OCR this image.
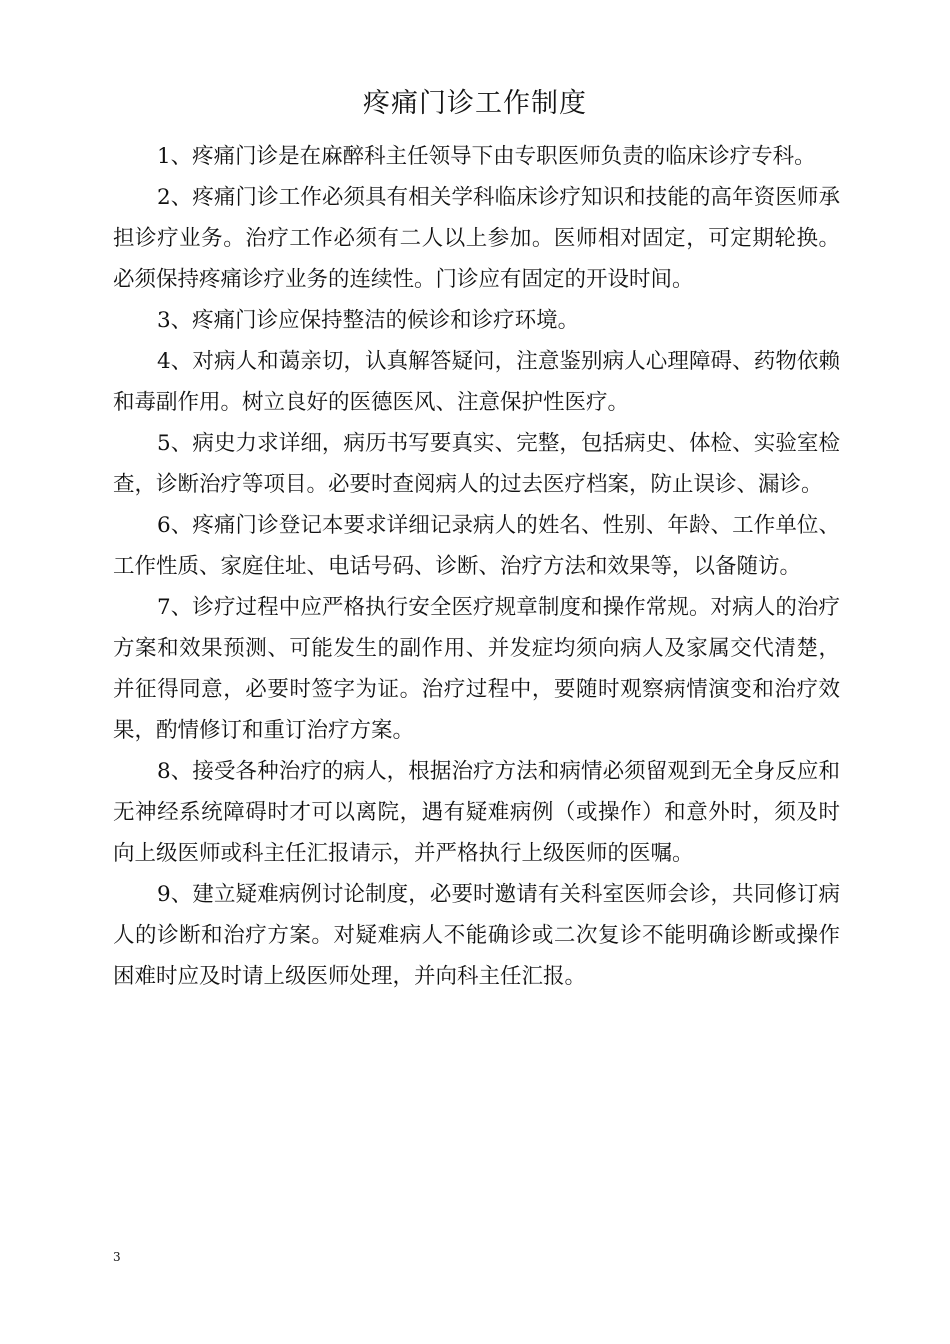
疼痛门诊工作制度

1、疼痛门诊是在麻醉科主任领导下由专职医师负责的临床诊疗专科。

2、疼痛门诊工作必须具有相关学科临床诊疗知识和技能的高年资医师承担诊疗业务。治疗工作必须有二人以上参加。医师相对固定，可定期轮换。必须保持疼痛诊疗业务的连续性。门诊应有固定的开设时间。

3、疼痛门诊应保持整洁的候诊和诊疗环境。

4、对病人和蔼亲切，认真解答疑问，注意鉴别病人心理障碍、药物依赖和毒副作用。树立良好的医德医风、注意保护性医疗。

5、病史力求详细，病历书写要真实、完整，包括病史、体检、实验室检查，诊断治疗等项目。必要时查阅病人的过去医疗档案，防止误诊、漏诊。

6、疼痛门诊登记本要求详细记录病人的姓名、性别、年龄、工作单位、工作性质、家庭住址、电话号码、诊断、治疗方法和效果等，以备随访。

7、诊疗过程中应严格执行安全医疗规章制度和操作常规。对病人的治疗方案和效果预测、可能发生的副作用、并发症均须向病人及家属交代清楚，并征得同意，必要时签字为证。治疗过程中，要随时观察病情演变和治疗效果，酌情修订和重订治疗方案。

8、接受各种治疗的病人，根据治疗方法和病情必须留观到无全身反应和无神经系统障碍时才可以离院，遇有疑难病例（或操作）和意外时，须及时向上级医师或科主任汇报请示，并严格执行上级医师的医嘱。

9、建立疑难病例讨论制度，必要时邀请有关科室医师会诊，共同修订病人的诊断和治疗方案。对疑难病人不能确诊或二次复诊不能明确诊断或操作困难时应及时请上级医师处理，并向科主任汇报。

3
